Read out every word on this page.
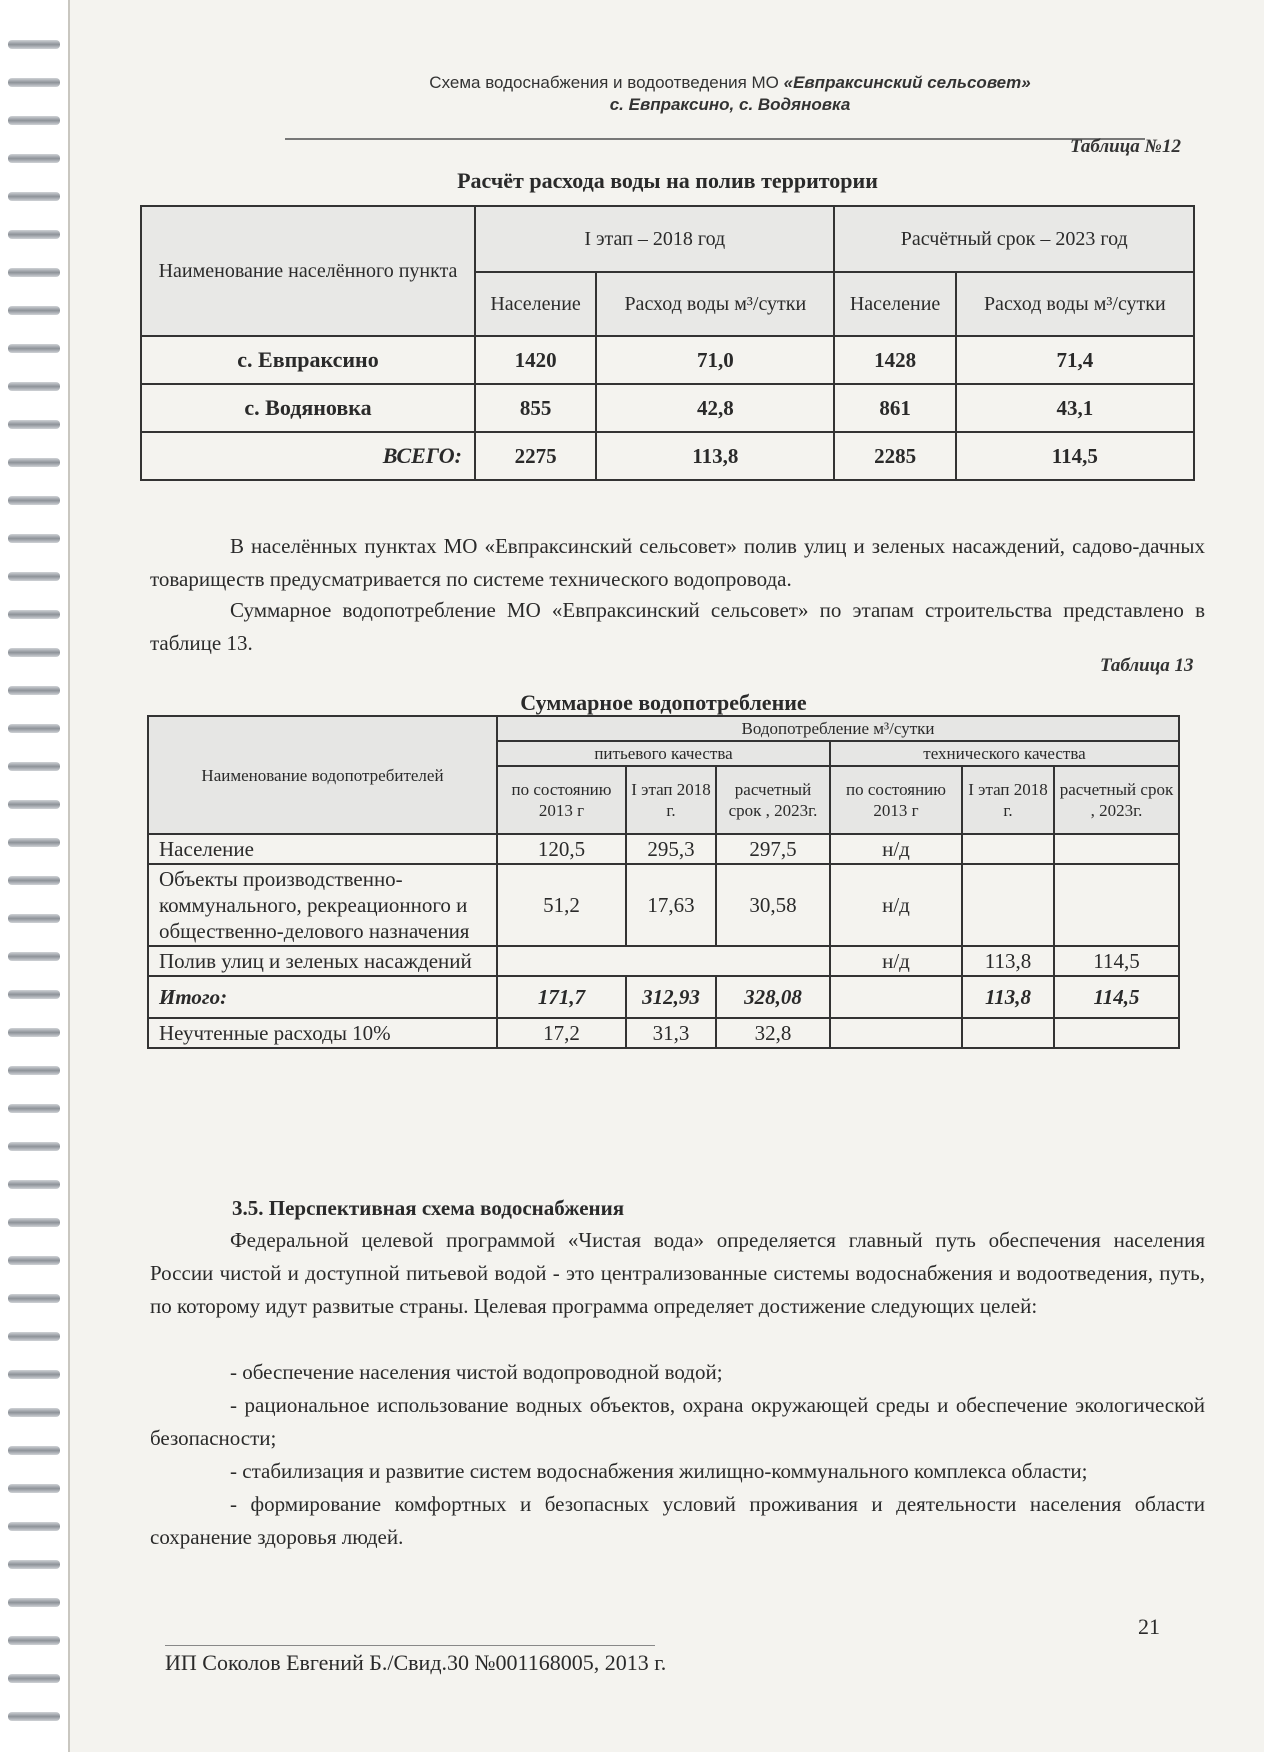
Схема водоснабжения и водоотведения МО «Евпраксинский сельсовет»
с. Евпраксино, с. Водяновка
Таблица №12
Расчёт расхода воды на полив территории
Наименование населённого пункта	I этап – 2018 год		Расчётный срок – 2023 год	
	Население	Расход воды м³/сутки	Население	Расход воды м³/сутки
с. Евпраксино	1420	71,0	1428	71,4
с. Водяновка	855	42,8	861	43,1
ВСЕГО:	2275	113,8	2285	114,5
В населённых пунктах МО «Евпраксинский сельсовет» полив улиц и зеленых насаждений, садово-дачных товариществ предусматривается по системе технического водопровода.
Суммарное водопотребление МО «Евпраксинский сельсовет» по этапам строительства представлено в таблице 13.
Таблица 13
Суммарное водопотребление
Наименование водопотребителей	Водопотребление м³/сутки					
	питьевого качества			технического качества		
	по состоянию 2013 г	I этап 2018 г.	расчетный срок , 2023г.	по состоянию 2013 г	I этап 2018 г.	расчетный срок , 2023г.
Население	120,5	295,3	297,5	н/д		
Объекты производственно-коммунального, рекреационного и общественно-делового назначения	51,2	17,63	30,58	н/д		
Полив улиц и зеленых насаждений				н/д	113,8	114,5
Итого:	171,7	312,93	328,08		113,8	114,5
Неучтенные расходы 10%	17,2	31,3	32,8			
3.5. Перспективная схема водоснабжения
Федеральной целевой программой «Чистая вода» определяется главный путь обеспечения населения России чистой и доступной питьевой водой - это централизованные системы водоснабжения и водоотведения, путь, по которому идут развитые страны. Целевая программа определяет достижение следующих целей:
- обеспечение населения чистой водопроводной водой;
- рациональное использование водных объектов, охрана окружающей среды и обеспечение экологической безопасности;
- стабилизация и развитие систем водоснабжения жилищно-коммунального комплекса области;
- формирование комфортных и безопасных условий проживания и деятельности населения области сохранение здоровья людей.
ИП Соколов Евгений Б./Свид.30 №001168005, 2013 г.
21
